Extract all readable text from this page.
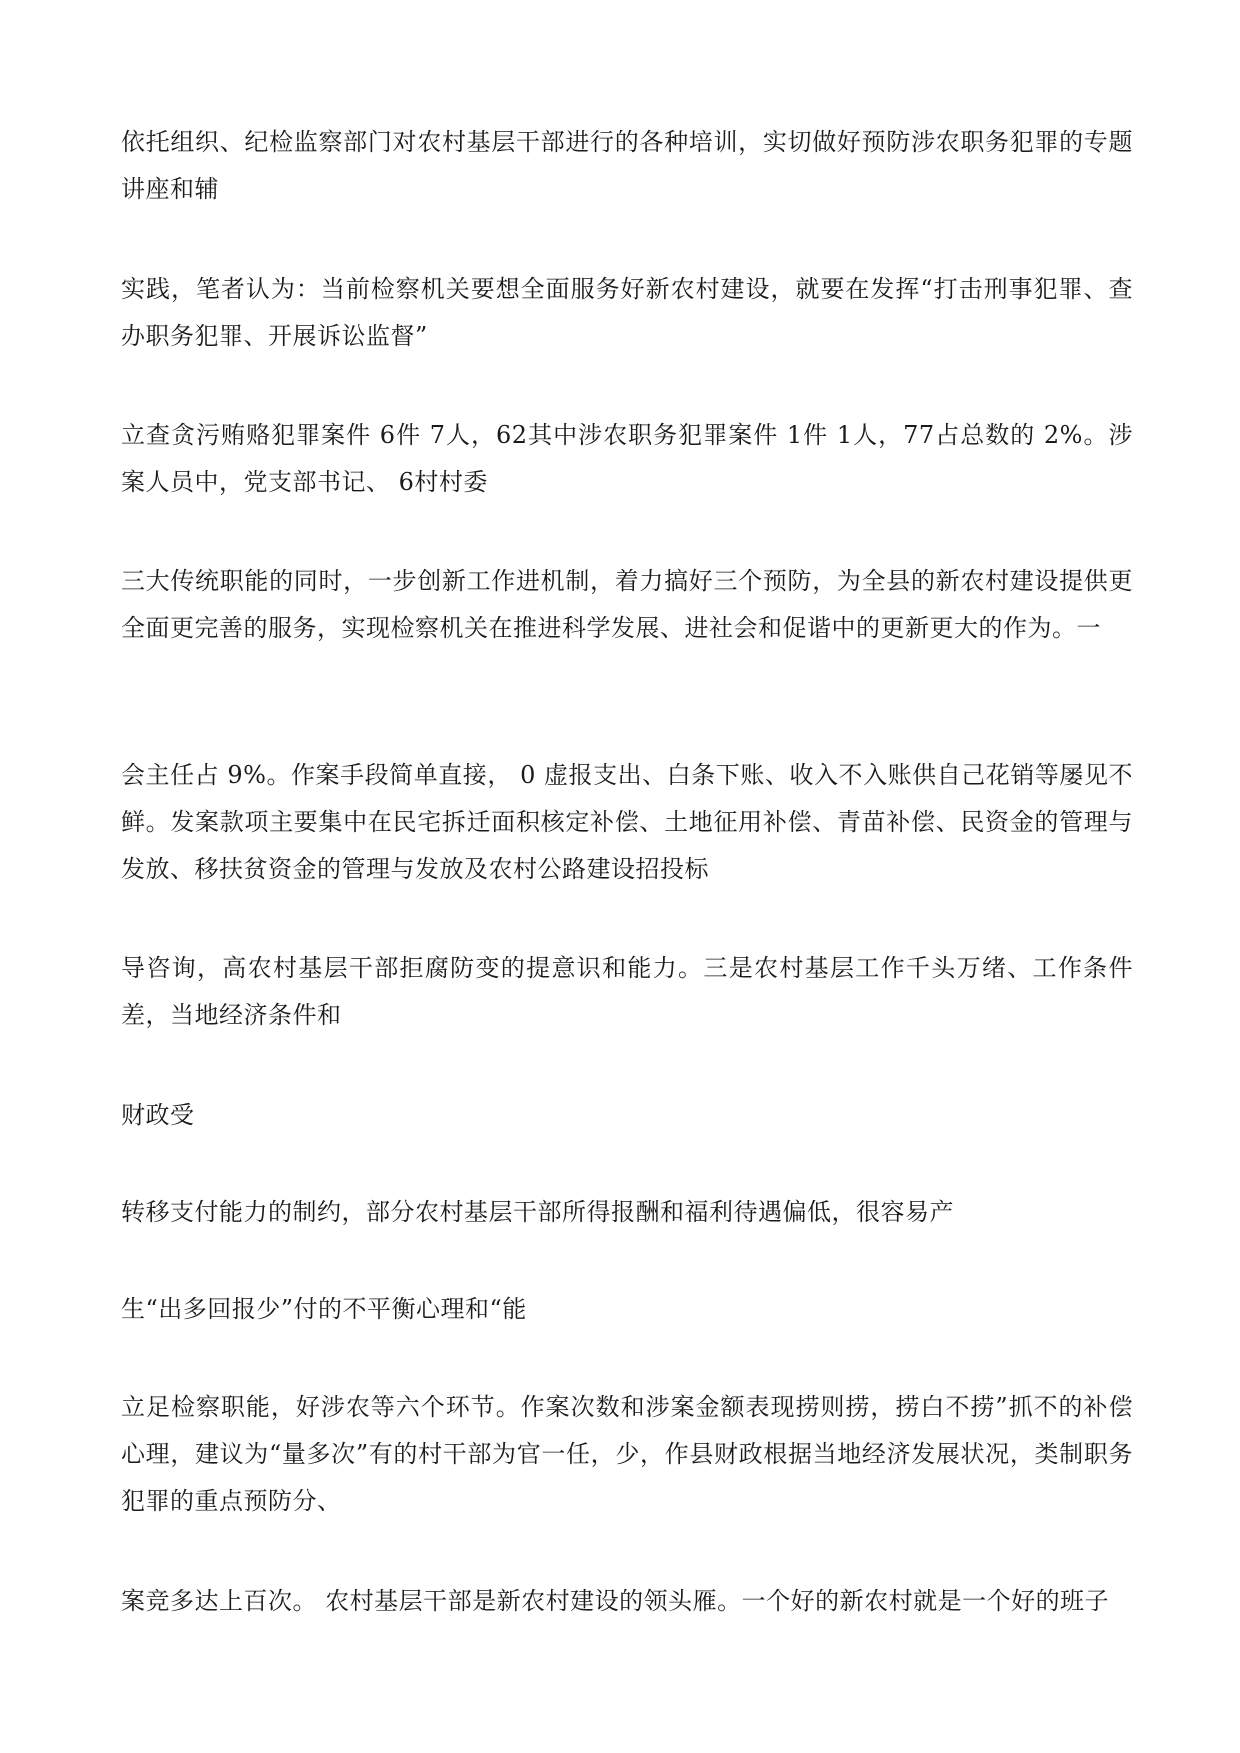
依托组织、纪检监察部门对农村基层干部进行的各种培训，实切做好预防涉农职务犯罪的专题讲座和辅

实践，笔者认为：当前检察机关要想全面服务好新农村建设，就要在发挥“打击刑事犯罪、查办职务犯罪、开展诉讼监督”

立查贪污贿赂犯罪案件 6件 7人，62其中涉农职务犯罪案件 1件 1人，77占总数的 2%。涉案人员中，党支部书记、 6村村委

三大传统职能的同时，一步创新工作进机制，着力搞好三个预防，为全县的新农村建设提供更全面更完善的服务，实现检察机关在推进科学发展、进社会和促谐中的更新更大的作为。一

会主任占 9%。作案手段简单直接， 0 虚报支出、白条下账、收入不入账供自己花销等屡见不鲜。发案款项主要集中在民宅拆迁面积核定补偿、土地征用补偿、青苗补偿、民资金的管理与发放、移扶贫资金的管理与发放及农村公路建设招投标

导咨询，高农村基层干部拒腐防变的提意识和能力。三是农村基层工作千头万绪、工作条件差，当地经济条件和

财政受

转移支付能力的制约，部分农村基层干部所得报酬和福利待遇偏低，很容易产

生“出多回报少”付的不平衡心理和“能

立足检察职能，好涉农等六个环节。作案次数和涉案金额表现捞则捞，捞白不捞”抓不的补偿心理，建议为“量多次”有的村干部为官一任，少，作县财政根据当地经济发展状况，类制职务犯罪的重点预防分、

案竞多达上百次。 农村基层干部是新农村建设的领头雁。一个好的新农村就是一个好的班子
